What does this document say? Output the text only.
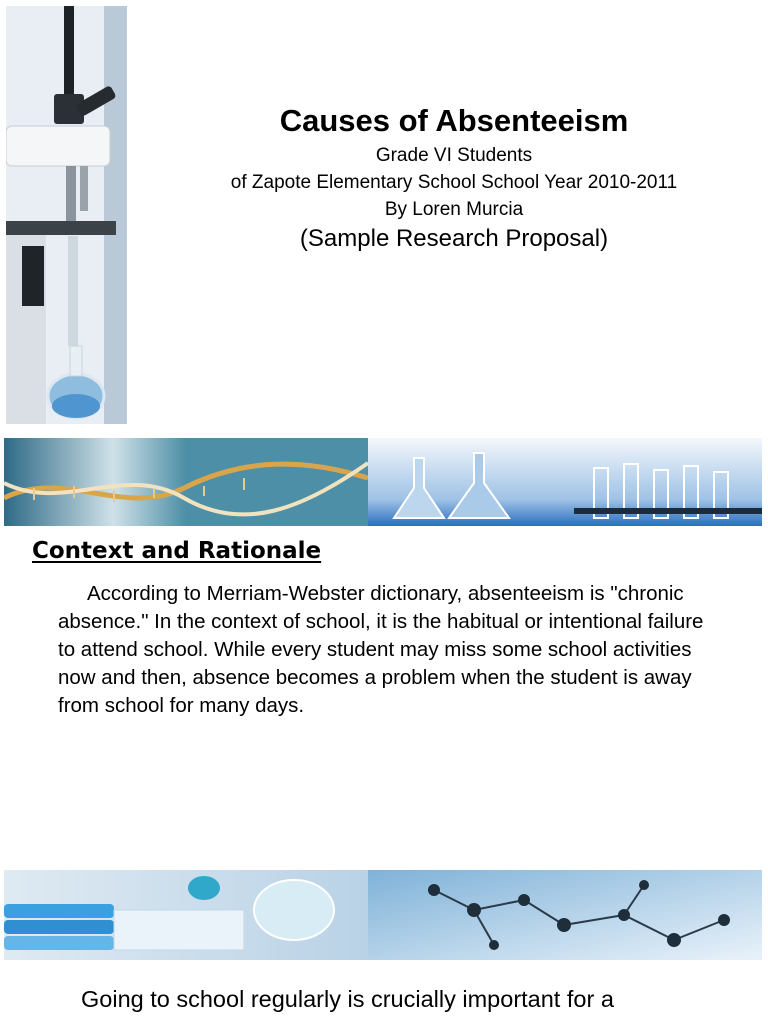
Causes of Absenteeism

Grade VI Students

of Zapote Elementary School School Year 2010-2011

By Loren Murcia

(Sample Research Proposal)

Context and Rationale

According to Merriam-Webster dictionary, absenteeism is "chronic absence." In the context of school, it is the habitual or intentional failure to attend school. While every student may miss some school activities now and then, absence becomes a problem when the student is away from school for many days.

Going to school regularly is crucially important for a
